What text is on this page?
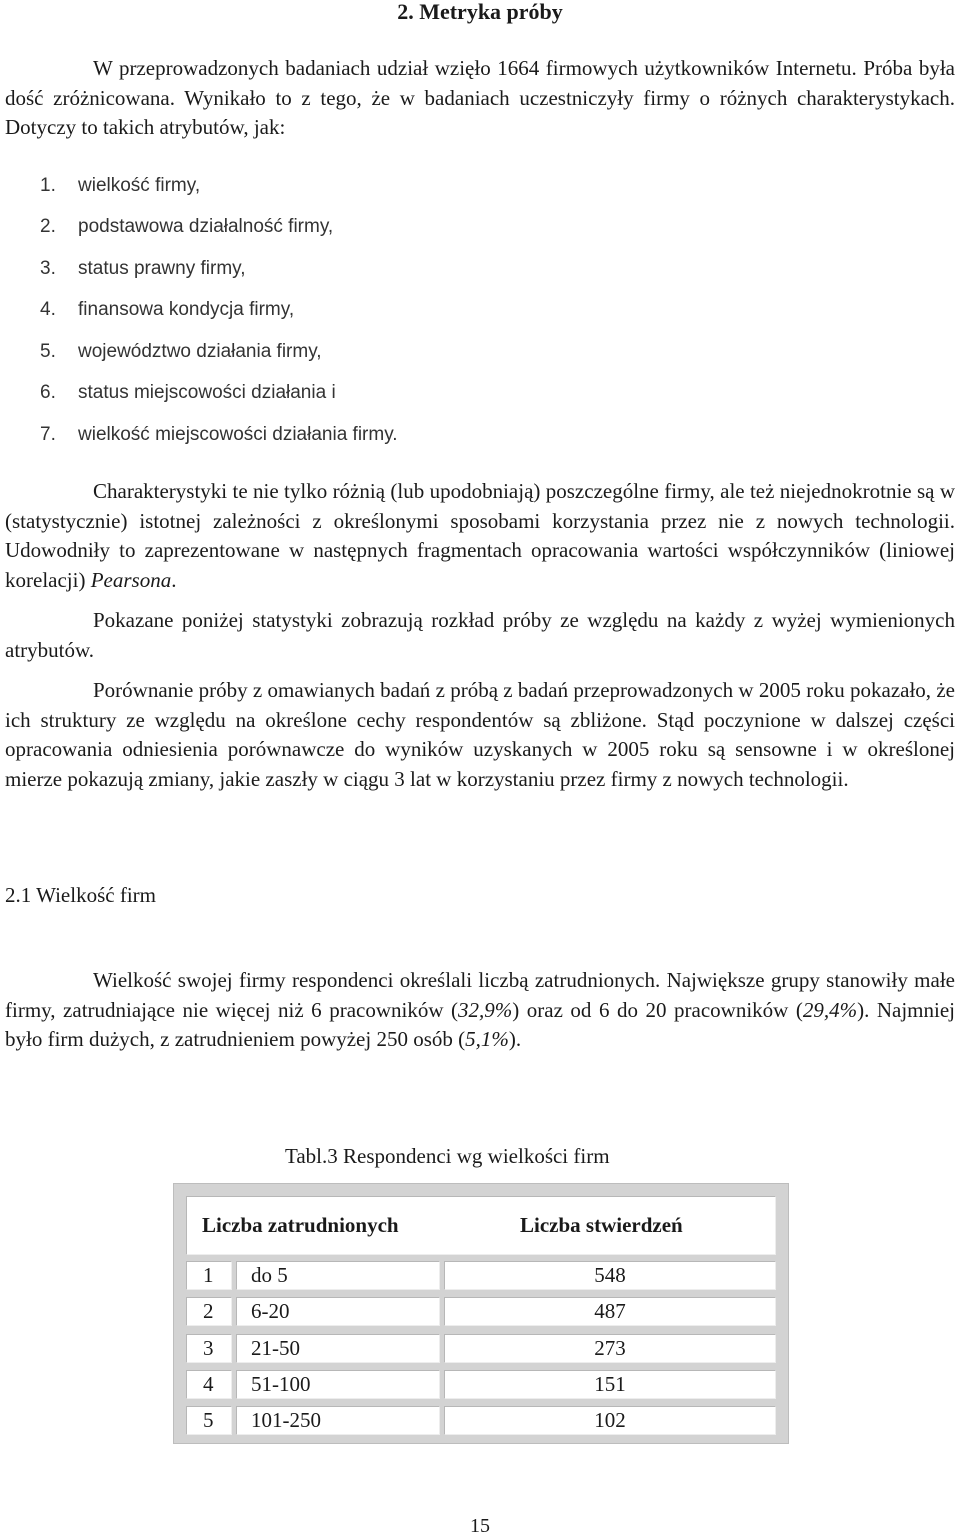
2. Metryka próby
W przeprowadzonych badaniach udział wzięło 1664 firmowych użytkowników Internetu. Próba była dość zróżnicowana. Wynikało to z tego, że w badaniach uczestniczyły firmy o różnych charakterystykach. Dotyczy to takich atrybutów, jak:
1. wielkość firmy,
2. podstawowa działalność firmy,
3. status prawny firmy,
4. finansowa kondycja firmy,
5. województwo działania firmy,
6. status miejscowości działania i
7. wielkość miejscowości działania firmy.
Charakterystyki te nie tylko różnią (lub upodobniają) poszczególne firmy, ale też niejednokrotnie są w (statystycznie) istotnej zależności z określonymi sposobami korzystania przez nie z nowych technologii. Udowodniły to zaprezentowane w następnych fragmentach opracowania wartości współczynników (liniowej korelacji) Pearsona.
Pokazane poniżej statystyki zobrazują rozkład próby ze względu na każdy z wyżej wymienionych atrybutów.
Porównanie próby z omawianych badań z próbą z badań przeprowadzonych w 2005 roku pokazało, że ich struktury ze względu na określone cechy respondentów są zbliżone. Stąd poczynione w dalszej części opracowania odniesienia porównawcze do wyników uzyskanych w 2005 roku są sensowne i w określonej mierze pokazują zmiany, jakie zaszły w ciągu 3 lat w korzystaniu przez firmy z nowych technologii.
2.1 Wielkość firm
Wielkość swojej firmy respondenci określali liczbą zatrudnionych. Największe grupy stanowiły małe firmy, zatrudniające nie więcej niż 6 pracowników (32,9%) oraz od 6 do 20 pracowników (29,4%). Najmniej było firm dużych, z zatrudnieniem powyżej 250 osób (5,1%).
Tabl.3 Respondenci wg wielkości firm
Liczba zatrudnionych	Liczba stwierdzeń
1	do 5	548
2	6-20	487
3	21-50	273
4	51-100	151
5	101-250	102
15
